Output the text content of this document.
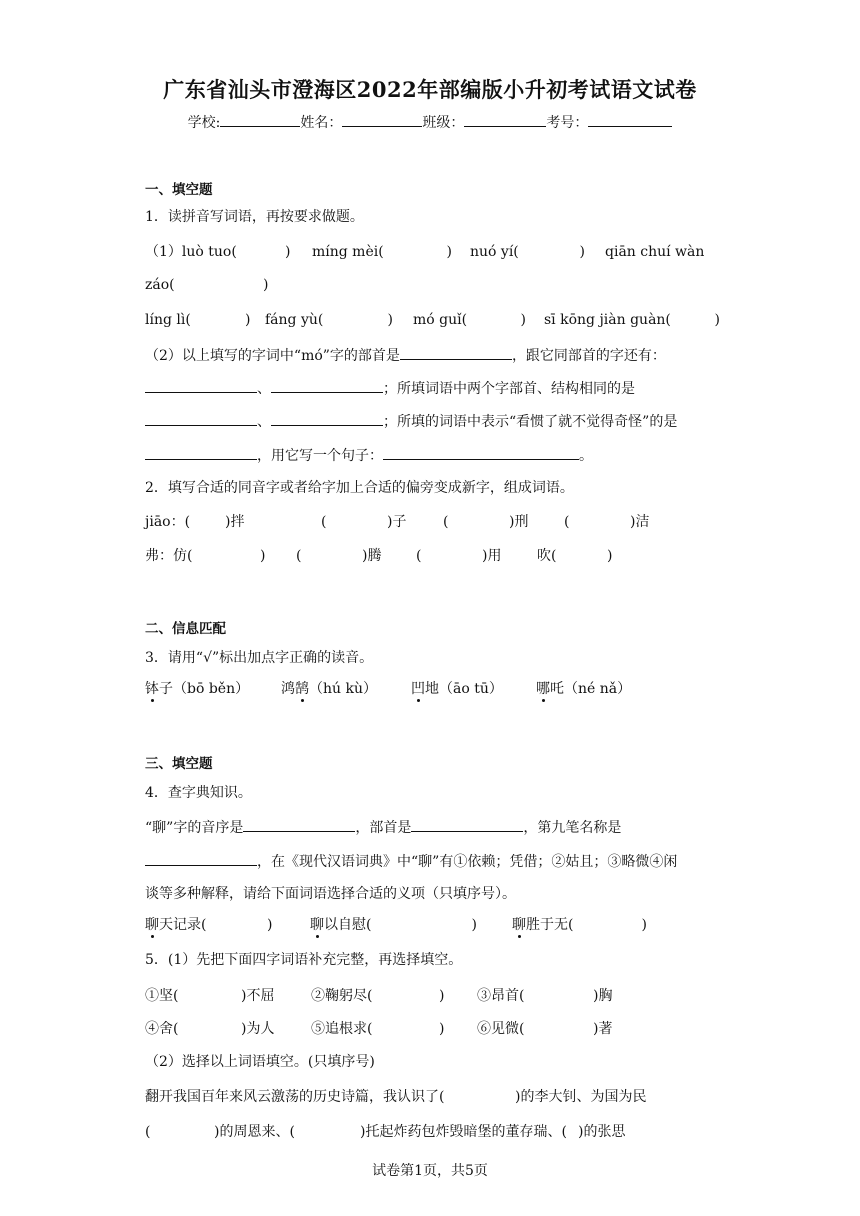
广东省汕头市澄海区2022年部编版小升初考试语文试卷
学校:	姓名：	班级：	考号：
一、填空题
1．读拼音写词语，再按要求做题。
（1）luò tuo(	) míng mèi(	) nuó yí(	) qiān chuí wàn
záo(	)
líng lì(	) fáng yù(	) mó guǐ(	) sī kōng jiàn guàn(	)
（2）以上填写的字词中“mó”字的部首是	，跟它同部首的字还有：
、	；所填词语中两个字部首、结构相同的是
、	；所填的词语中表示“看惯了就不觉得奇怪”的是
，用它写一个句子：	。
2．填写合适的同音字或者给字加上合适的偏旁变成新字，组成词语。
jiāo：( )拌	(	)子	(	)刑	(	)洁
弗：仿(	) (	)腾 (	)用	吹(	)
二、信息匹配
3．请用“√”标出加点字正确的读音。
钵子（bō běn） 鸿鹄（hú kù） 凹地（āo tū） 哪吒（né nǎ）
三、填空题
4．查字典知识。
“聊”字的音序是	，部首是	，第九笔名称是
，在《现代汉语词典》中“聊”有①依赖；凭借；②姑且；③略微④闲
谈等多种解释，请给下面词语选择合适的义项（只填序号）。
聊天记录(	)	聊以自慰(	)	聊胜于无(	)
5．(1）先把下面四字词语补充完整，再选择填空。
①坚(	)不屈	②鞠躬尽(	) ③昂首(	)胸
④舍(	)为人	⑤追根求(	) ⑥见微(	)著
（2）选择以上词语填空。(只填序号)
翻开我国百年来风云激荡的历史诗篇，我认识了(	)的李大钊、为国为民
(	)的周恩来、(	)托起炸药包炸毁暗堡的董存瑞、( )的张思
试卷第1页，共5页
